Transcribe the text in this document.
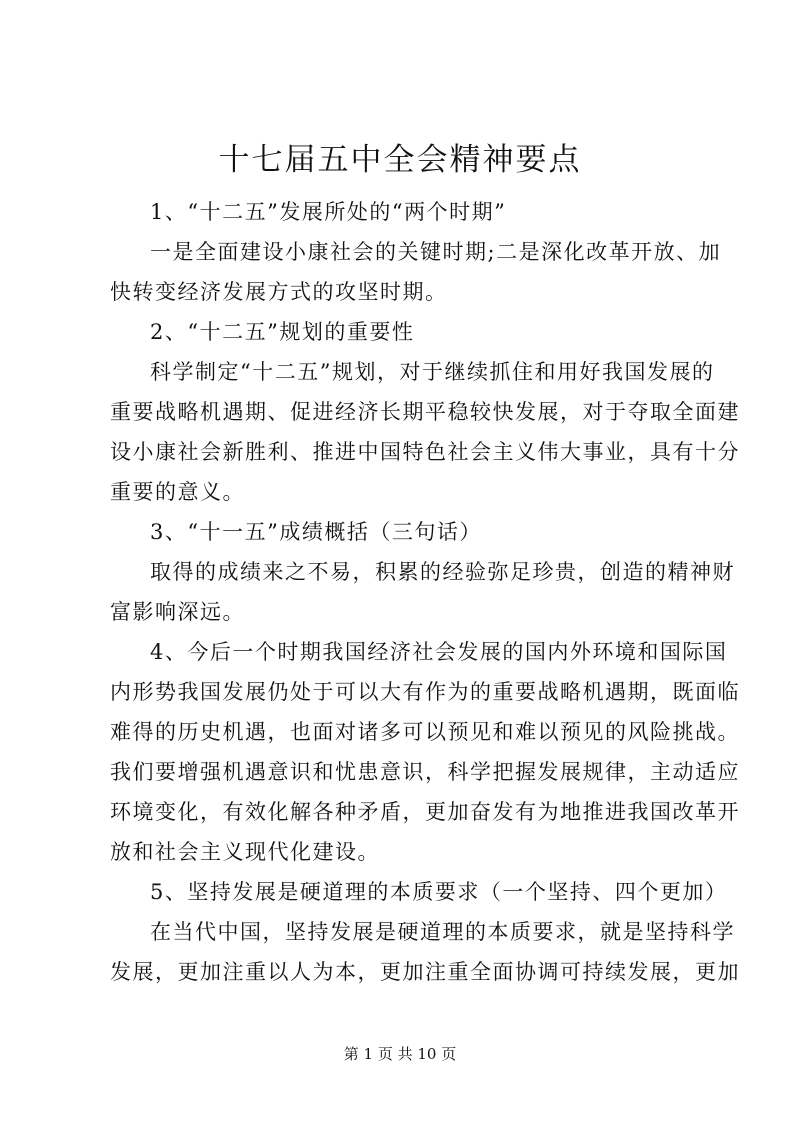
十七届五中全会精神要点
1、“十二五”发展所处的“两个时期”
一是全面建设小康社会的关键时期;二是深化改革开放、加
快转变经济发展方式的攻坚时期。
2、“十二五”规划的重要性
科学制定“十二五”规划，对于继续抓住和用好我国发展的
重要战略机遇期、促进经济长期平稳较快发展，对于夺取全面建
设小康社会新胜利、推进中国特色社会主义伟大事业，具有十分
重要的意义。
3、“十一五”成绩概括（三句话）
取得的成绩来之不易，积累的经验弥足珍贵，创造的精神财
富影响深远。
4、今后一个时期我国经济社会发展的国内外环境和国际国
内形势我国发展仍处于可以大有作为的重要战略机遇期，既面临
难得的历史机遇，也面对诸多可以预见和难以预见的风险挑战。
我们要增强机遇意识和忧患意识，科学把握发展规律，主动适应
环境变化，有效化解各种矛盾，更加奋发有为地推进我国改革开
放和社会主义现代化建设。
5、坚持发展是硬道理的本质要求（一个坚持、四个更加）
在当代中国，坚持发展是硬道理的本质要求，就是坚持科学
发展，更加注重以人为本，更加注重全面协调可持续发展，更加
第 1 页 共 10 页
